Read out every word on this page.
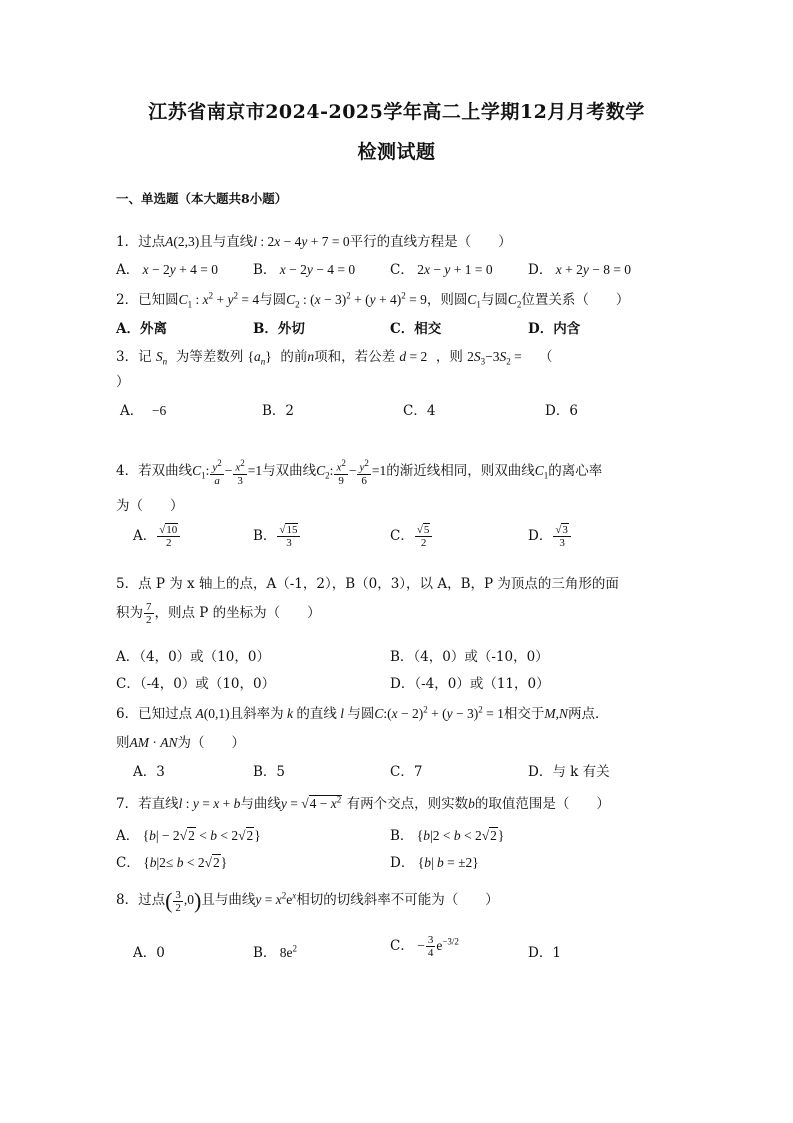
江苏省南京市2024-2025学年高二上学期12月月考数学
检测试题
一、单选题（本大题共8小题）
1．过点A(2,3)且与直线l : 2x − 4y + 7 = 0平行的直线方程是（　　）
A． x − 2y + 4 = 0	B． x − 2y − 4 = 0	C． 2x − y + 1 = 0	D． x + 2y − 8 = 0
2．已知圆$C_1$ : $x^2 + y^2 = 4$与圆$C_2$ : $(x - 3)^2 + (y + 4)^2 = 9$，则圆$C_1$与圆$C_2$位置关系（　　）
A．外离	B．外切	C．相交	D．内含
3．记 $S_n$ 为等差数列 $\{a_n\}$ 的前n项和，若公差 d = 2 ，则 $2S_3-3S_2$ = （
）
A． −6	B．2	C．4	D．6
4．若双曲线$C_1$: $\frac{y^2}{a} - \frac{x^2}{3} =1$与双曲线$C_2$: $\frac{x^2}{9} - \frac{y^2}{6} =1$的渐近线相同，则双曲线$C_1$的离心率
为（　　）
A． $\frac{√10}{2}$	B． $\frac{√15}{3}$	C． $\frac{√5}{2}$	D． $\frac{√3}{3}$
5．点 P 为 x 轴上的点，A（-1，2），B（0，3），以 A，B，P 为顶点的三角形的面
积为 $\frac{7}{2}$ ，则点 P 的坐标为（　　）
A．（4，0）或（10，0）	B．（4，0）或（-10，0）
C．（-4，0）或（10，0）	D．（-4，0）或（11，0）
6．已知过点 A(0,1)且斜率为 k 的直线 l 与圆C:(x − $2)^2 + (y - 3)^2 = 1$相交于M,N两点．
则AM · AN为（　　）
A．3	B．5	C．7	D．与 k 有关
7．若直线l : y = x + b与曲线$y = √4 - x^2$ 有两个交点，则实数b的取值范围是（　　）
A． {b| − 2√2 < b < 2√2}	B． {b|2 < b < 2√2}
C． {b|2≤ b < 2√2}	D． {b| b = ±2}
8．过点( $\frac{3}{2} ,0$)且与曲线$y = x^2e^x$相切的切线斜率不可能为（　　）
A．0	B． $8e^2$	C． − $\frac{3}{4} e^{-3/2}$
D．1
